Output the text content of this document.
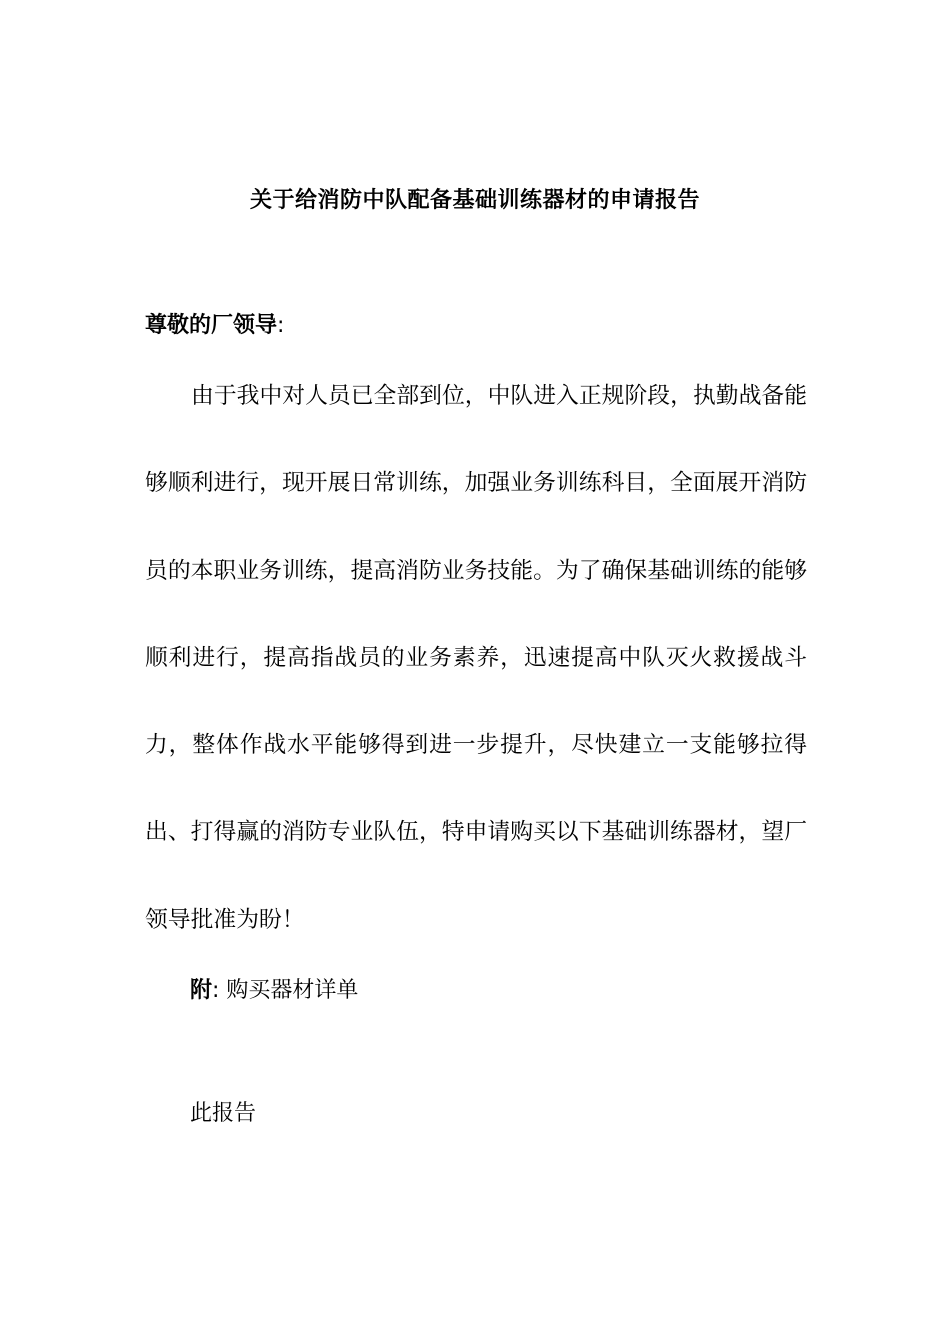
关于给消防中队配备基础训练器材的申请报告
尊敬的厂领导:

由于我中对人员已全部到位，中队进入正规阶段，执勤战备能够顺利进行，现开展日常训练，加强业务训练科目，全面展开消防员的本职业务训练，提高消防业务技能。为了确保基础训练的能够顺利进行，提高指战员的业务素养，迅速提高中队灭火救援战斗力，整体作战水平能够得到进一步提升，尽快建立一支能够拉得出、打得赢的消防专业队伍，特申请购买以下基础训练器材，望厂领导批准为盼！

附: 购买器材详单
此报告
